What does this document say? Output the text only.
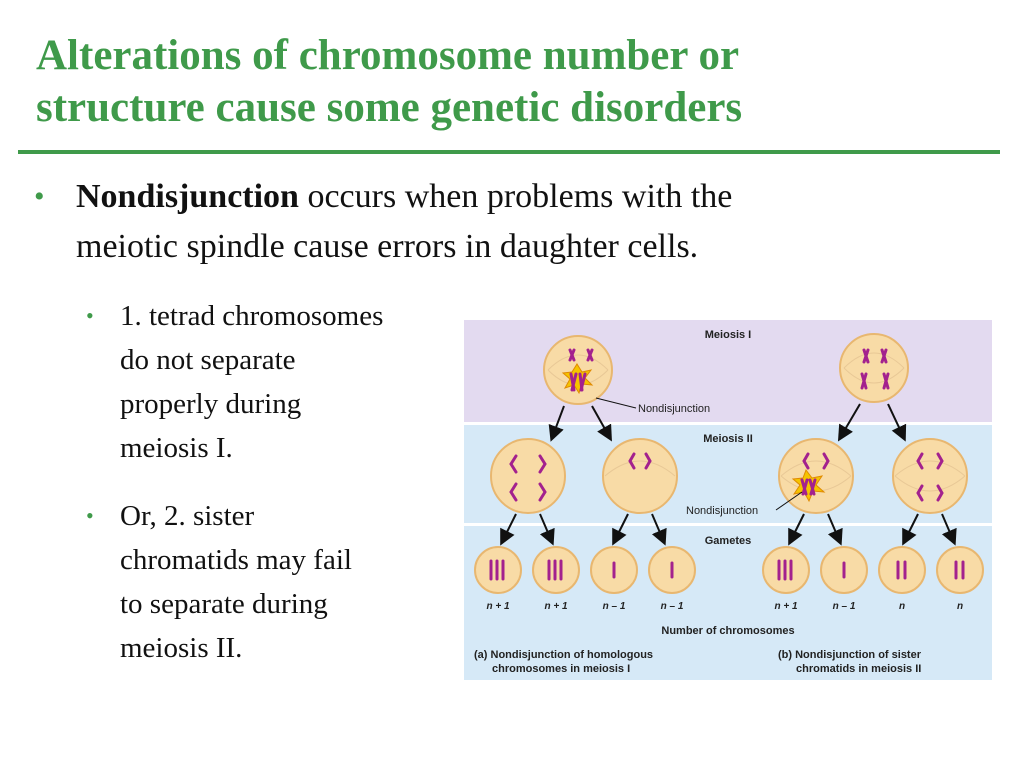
Alterations of chromosome number or
structure cause some genetic disorders
• Nondisjunction occurs when problems with the
meiotic spindle cause errors in daughter cells.
• 1. tetrad chromosomes
do not separate
properly during
meiosis I.
• Or, 2. sister
chromatids may fail
to separate during
meiosis II.
Meiosis I
Meiosis II
Gametes
Nondisjunction
Nondisjunction
n + 1	n + 1	n – 1	n – 1	n + 1	n – 1	n	n
Number of chromosomes
(a) Nondisjunction of homologous
chromosomes in meiosis I
(b) Nondisjunction of sister
chromatids in meiosis II
